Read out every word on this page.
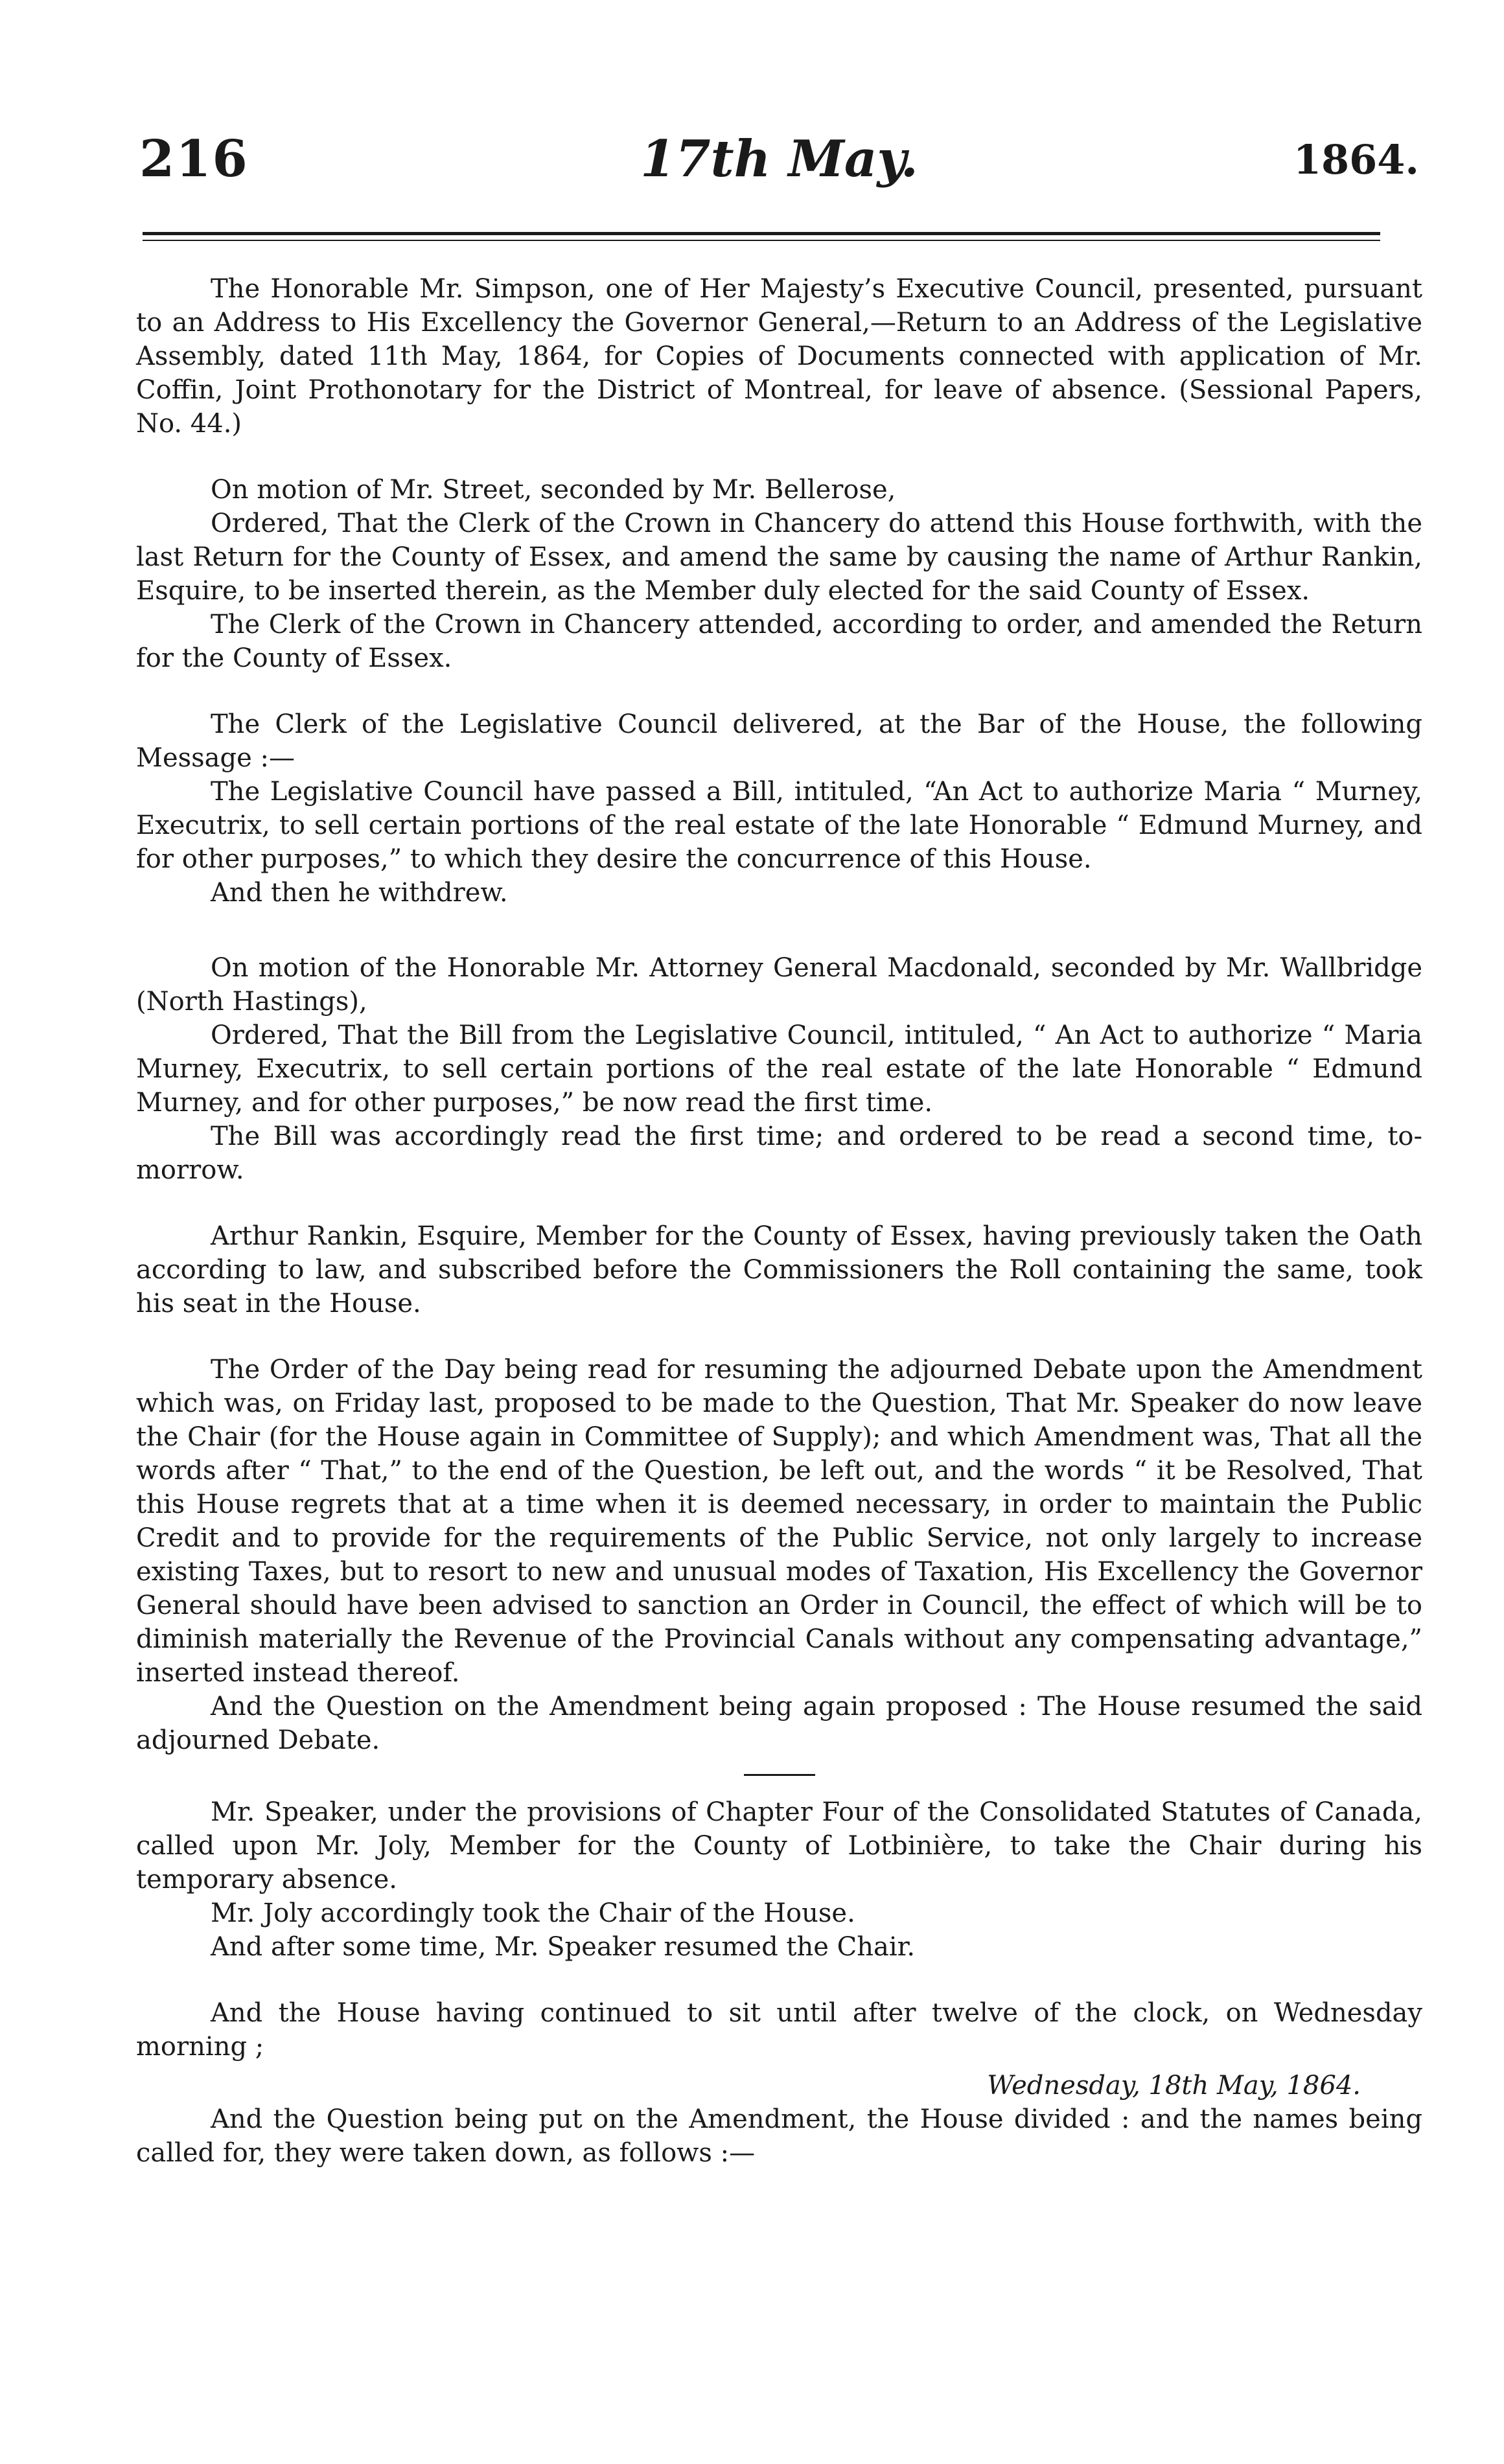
17th May.
216	1864.

The Honorable Mr. Simpson, one of Her Majesty’s Executive Council, presented, pursuant to an Address to His Excellency the Governor General,—Return to an Address of the Legislative Assembly, dated 11th May, 1864, for Copies of Documents connected with application of Mr. Coffin, Joint Prothonotary for the District of Montreal, for leave of absence. (Sessional Papers, No. 44.)

On motion of Mr. Street, seconded by Mr. Bellerose,

Ordered, That the Clerk of the Crown in Chancery do attend this House forthwith, with the last Return for the County of Essex, and amend the same by causing the name of Arthur Rankin, Esquire, to be inserted therein, as the Member duly elected for the said County of Essex.

The Clerk of the Crown in Chancery attended, according to order, and amended the Return for the County of Essex.

The Clerk of the Legislative Council delivered, at the Bar of the House, the following Message :—

The Legislative Council have passed a Bill, intituled, “An Act to authorize Maria “ Murney, Executrix, to sell certain portions of the real estate of the late Honorable “ Edmund Murney, and for other purposes,” to which they desire the concurrence of this House.

And then he withdrew.

On motion of the Honorable Mr. Attorney General Macdonald, seconded by Mr. Wallbridge (North Hastings),

Ordered, That the Bill from the Legislative Council, intituled, “ An Act to authorize “ Maria Murney, Executrix, to sell certain portions of the real estate of the late Honorable “ Edmund Murney, and for other purposes,” be now read the first time.

The Bill was accordingly read the first time; and ordered to be read a second time, to-morrow.

Arthur Rankin, Esquire, Member for the County of Essex, having previously taken the Oath according to law, and subscribed before the Commissioners the Roll containing the same, took his seat in the House.

The Order of the Day being read for resuming the adjourned Debate upon the Amendment which was, on Friday last, proposed to be made to the Question, That Mr. Speaker do now leave the Chair (for the House again in Committee of Supply); and which Amendment was, That all the words after “ That,” to the end of the Question, be left out, and the words “ it be Resolved, That this House regrets that at a time when it is deemed necessary, in order to maintain the Public Credit and to provide for the requirements of the Public Service, not only largely to increase existing Taxes, but to resort to new and unusual modes of Taxation, His Excellency the Governor General should have been advised to sanction an Order in Council, the effect of which will be to diminish materially the Revenue of the Provincial Canals without any compensating advantage,” inserted instead thereof.

And the Question on the Amendment being again proposed : The House resumed the said adjourned Debate.

Mr. Speaker, under the provisions of Chapter Four of the Consolidated Statutes of Canada, called upon Mr. Joly, Member for the County of Lotbinière, to take the Chair during his temporary absence.

Mr. Joly accordingly took the Chair of the House.

And after some time, Mr. Speaker resumed the Chair.

And the House having continued to sit until after twelve of the clock, on Wednesday morning ;

Wednesday, 18th May, 1864.

And the Question being put on the Amendment, the House divided : and the names being called for, they were taken down, as follows :—
